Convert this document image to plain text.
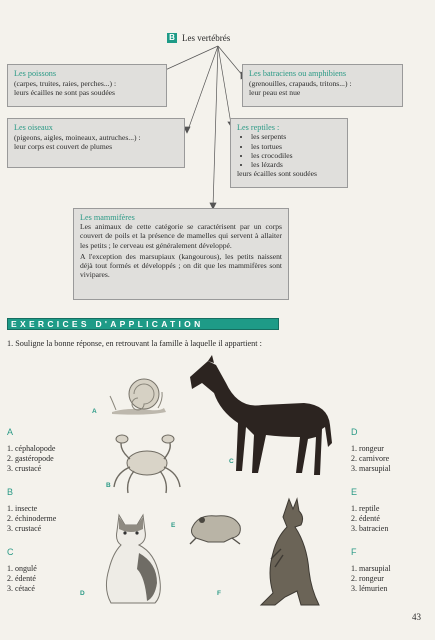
B Les vertébrés
Les poissons

(carpes, truites, raies, perches...) :

leurs écailles ne sont pas soudées

Les batraciens ou amphibiens

(grenouilles, crapauds, tritons...) :

leur peau est nue

Les oiseaux

(pigeons, aigles, moineaux, autruches...) :

leur corps est couvert de plumes

Les reptiles :
• les serpents
• les tortues
• les crocodiles
• les lézards

leurs écailles sont soudées

Les mammifères

Les animaux de cette catégorie se caractérisent par un corps couvert de poils et la présence de mamelles qui servent à allaiter les petits ; le cerveau est généralement développé.

A l'exception des marsupiaux (kangourous), les petits naissent déjà tout formés et développés ; on dit que les mammifères sont vivipares.

EXERCICES D'APPLICATION
1. Souligne la bonne réponse, en retrouvant la famille à laquelle il appartient :
A
1. céphalopode
2. gastéropode
3. crustacé
B
1. insecte
2. échinoderme
3. crustacé
C
1. ongulé
2. édenté
3. cétacé
D
1. rongeur
2. carnivore
3. marsupial
E
1. reptile
2. édenté
3. batracien
F
1. marsupial
2. rongeur
3. lémurien
A
B
C
D
E
F
43
